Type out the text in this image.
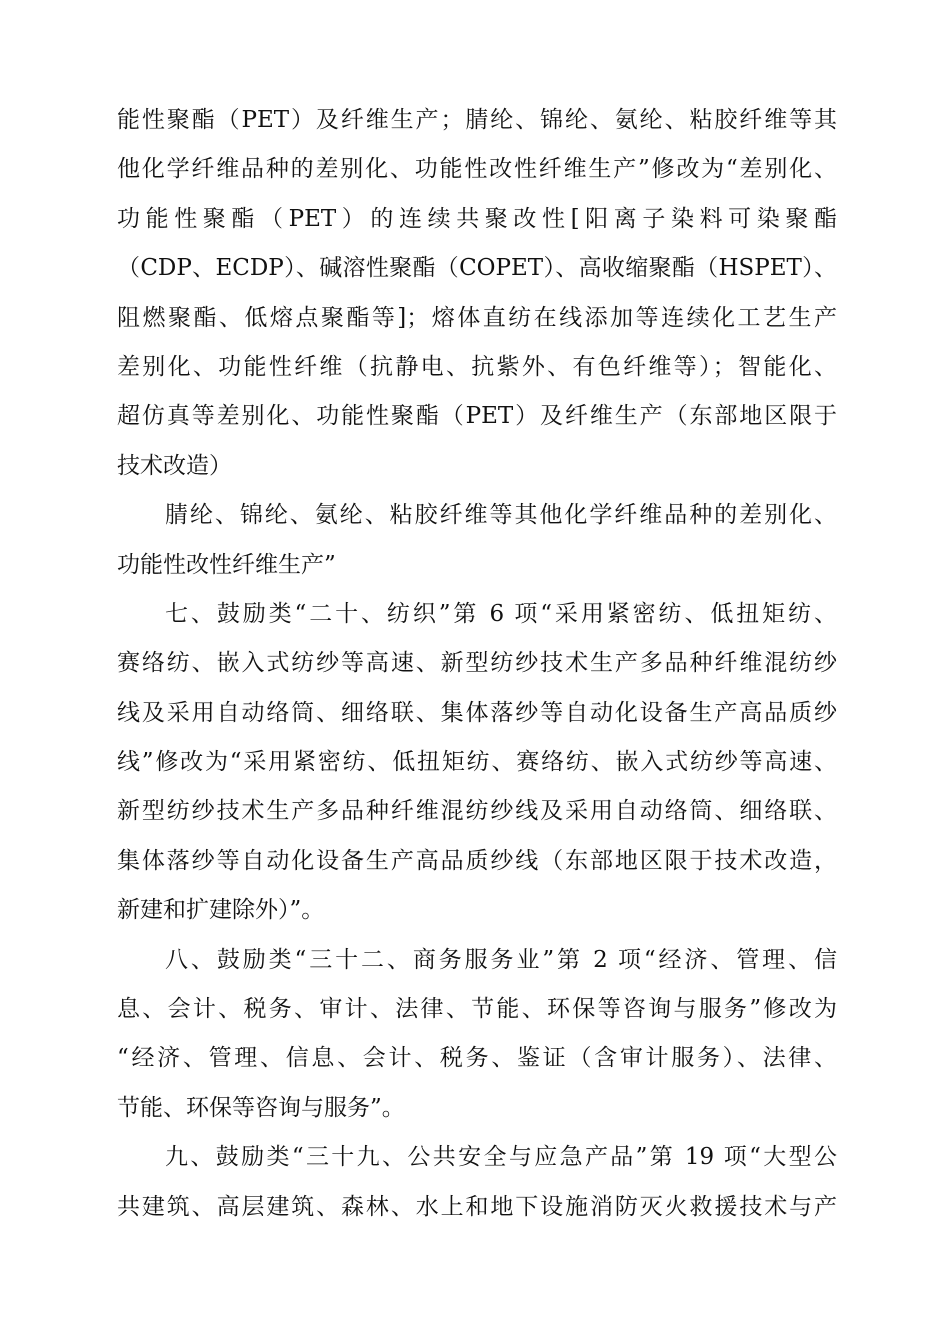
能性聚酯（PET）及纤维生产；腈纶、锦纶、氨纶、粘胶纤维等其
他化学纤维品种的差别化、功能性改性纤维生产”修改为“差别化、
功能性聚酯（PET）的连续共聚改性[阳离子染料可染聚酯
（CDP、ECDP）、碱溶性聚酯（COPET）、高收缩聚酯（HSPET）、
阻燃聚酯、低熔点聚酯等]；熔体直纺在线添加等连续化工艺生产
差别化、功能性纤维（抗静电、抗紫外、有色纤维等）；智能化、
超仿真等差别化、功能性聚酯（PET）及纤维生产（东部地区限于
技术改造）
腈纶、锦纶、氨纶、粘胶纤维等其他化学纤维品种的差别化、
功能性改性纤维生产”
七、鼓励类“二十、纺织”第 6 项“采用紧密纺、低扭矩纺、
赛络纺、嵌入式纺纱等高速、新型纺纱技术生产多品种纤维混纺纱
线及采用自动络筒、细络联、集体落纱等自动化设备生产高品质纱
线”修改为“采用紧密纺、低扭矩纺、赛络纺、嵌入式纺纱等高速、
新型纺纱技术生产多品种纤维混纺纱线及采用自动络筒、细络联、
集体落纱等自动化设备生产高品质纱线（东部地区限于技术改造，
新建和扩建除外）”。
八、鼓励类“三十二、商务服务业”第 2 项“经济、管理、信
息、会计、税务、审计、法律、节能、环保等咨询与服务”修改为
“经济、管理、信息、会计、税务、鉴证（含审计服务）、法律、
节能、环保等咨询与服务”。
九、鼓励类“三十九、公共安全与应急产品”第 19 项“大型公
共建筑、高层建筑、森林、水上和地下设施消防灭火救援技术与产
